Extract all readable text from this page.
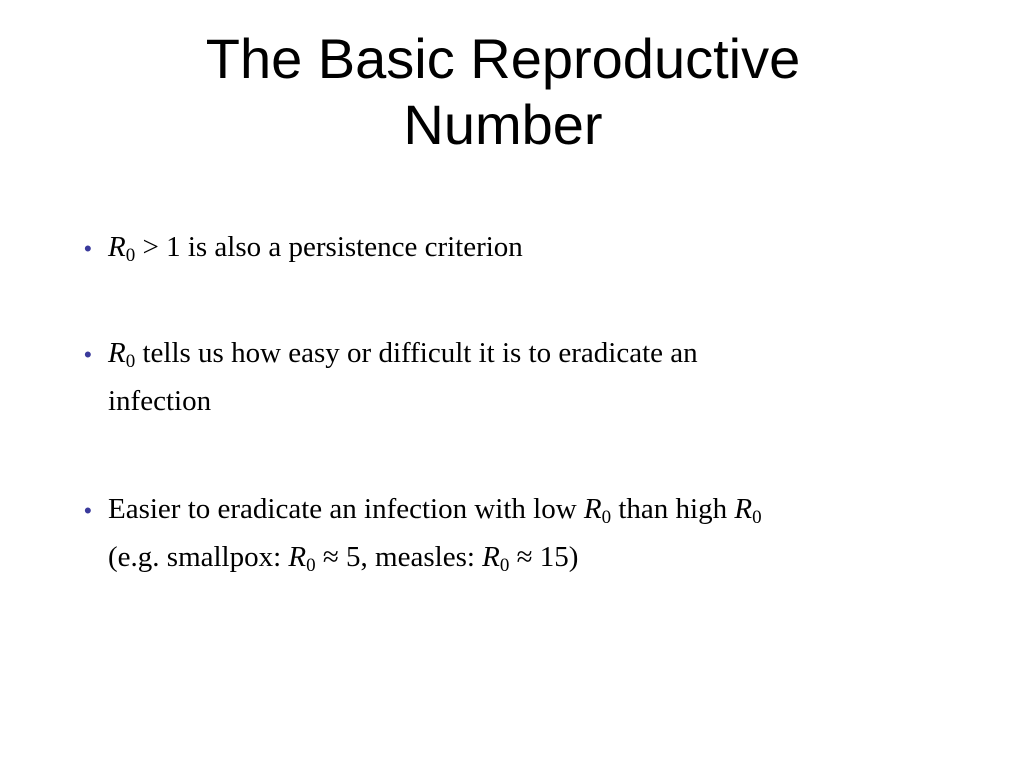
The Basic Reproductive
Number
• $R_0 > 1$ is also a persistence criterion
• $R_0$ tells us how easy or difficult it is to eradicate an
infection
• Easier to eradicate an infection with low $R_0$ than high $R_0$
(e.g. smallpox: $R_0 \approx 5$, measles: $R_0 \approx 15$)
